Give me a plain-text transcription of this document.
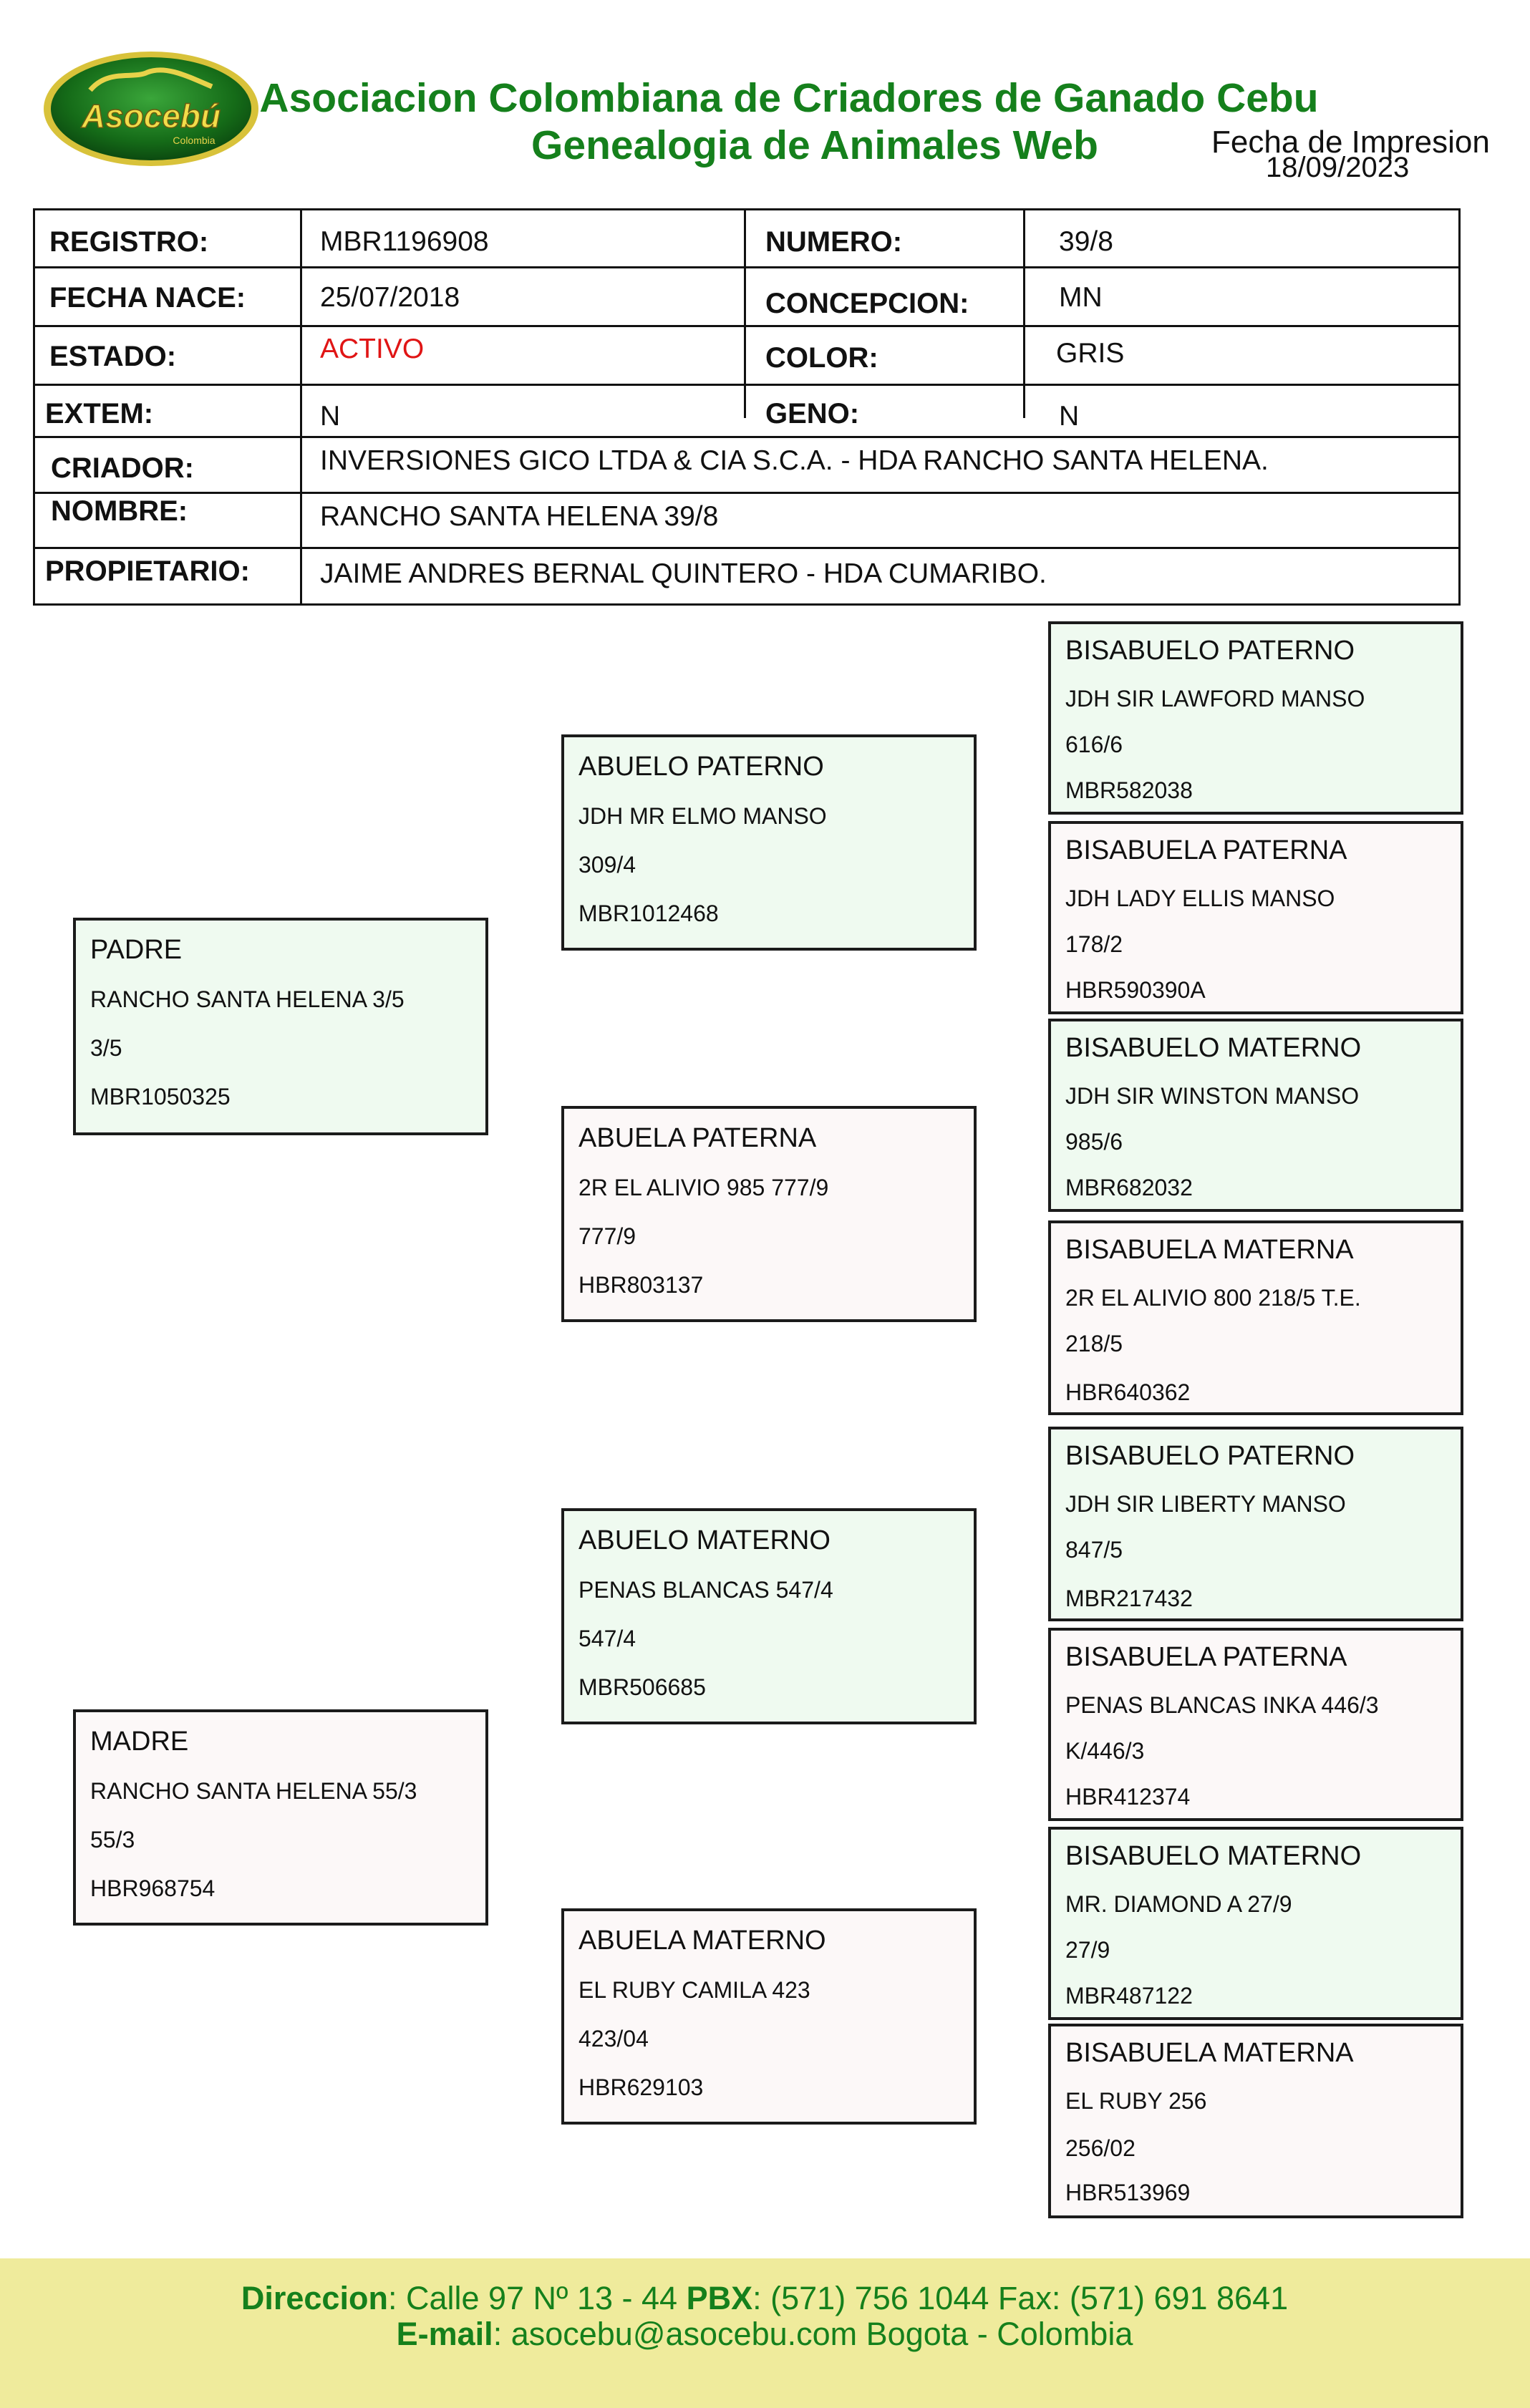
Asocebú
Colombia
Asociacion Colombiana de Criadores de Ganado Cebu
Genealogia de Animales Web	Fecha de Impresion
18/09/2023
REGISTRO:	MBR1196908	NUMERO:	39/8
FECHA NACE:	25/07/2018	CONCEPCION:	MN
ESTADO:	ACTIVO	COLOR:	GRIS
EXTEM:	N	GENO:	N
CRIADOR:	INVERSIONES GICO LTDA & CIA S.C.A. - HDA RANCHO SANTA HELENA.
NOMBRE:	RANCHO SANTA HELENA 39/8
PROPIETARIO:	JAIME ANDRES BERNAL QUINTERO - HDA CUMARIBO.
PADRE
RANCHO SANTA HELENA 3/5
3/5
MBR1050325
MADRE
RANCHO SANTA HELENA 55/3
55/3
HBR968754
ABUELO PATERNO
JDH MR ELMO MANSO
309/4
MBR1012468
ABUELA PATERNA
2R EL ALIVIO 985 777/9
777/9
HBR803137
ABUELO MATERNO
PENAS BLANCAS 547/4
547/4
MBR506685
ABUELA MATERNO
EL RUBY CAMILA 423
423/04
HBR629103
BISABUELO PATERNO
JDH SIR LAWFORD MANSO
616/6
MBR582038
BISABUELA PATERNA
JDH LADY ELLIS MANSO
178/2
HBR590390A
BISABUELO MATERNO
JDH SIR WINSTON MANSO
985/6
MBR682032
BISABUELA MATERNA
2R EL ALIVIO 800 218/5 T.E.
218/5
HBR640362
BISABUELO PATERNO
JDH SIR LIBERTY MANSO
847/5
MBR217432
BISABUELA PATERNA
PENAS BLANCAS INKA 446/3
K/446/3
HBR412374
BISABUELO MATERNO
MR. DIAMOND A 27/9
27/9
MBR487122
BISABUELA MATERNA
EL RUBY 256
256/02
HBR513969
Direccion: Calle 97 Nº 13 - 44 PBX: (571) 756 1044 Fax: (571) 691 8641
E-mail: asocebu@asocebu.com Bogota - Colombia
